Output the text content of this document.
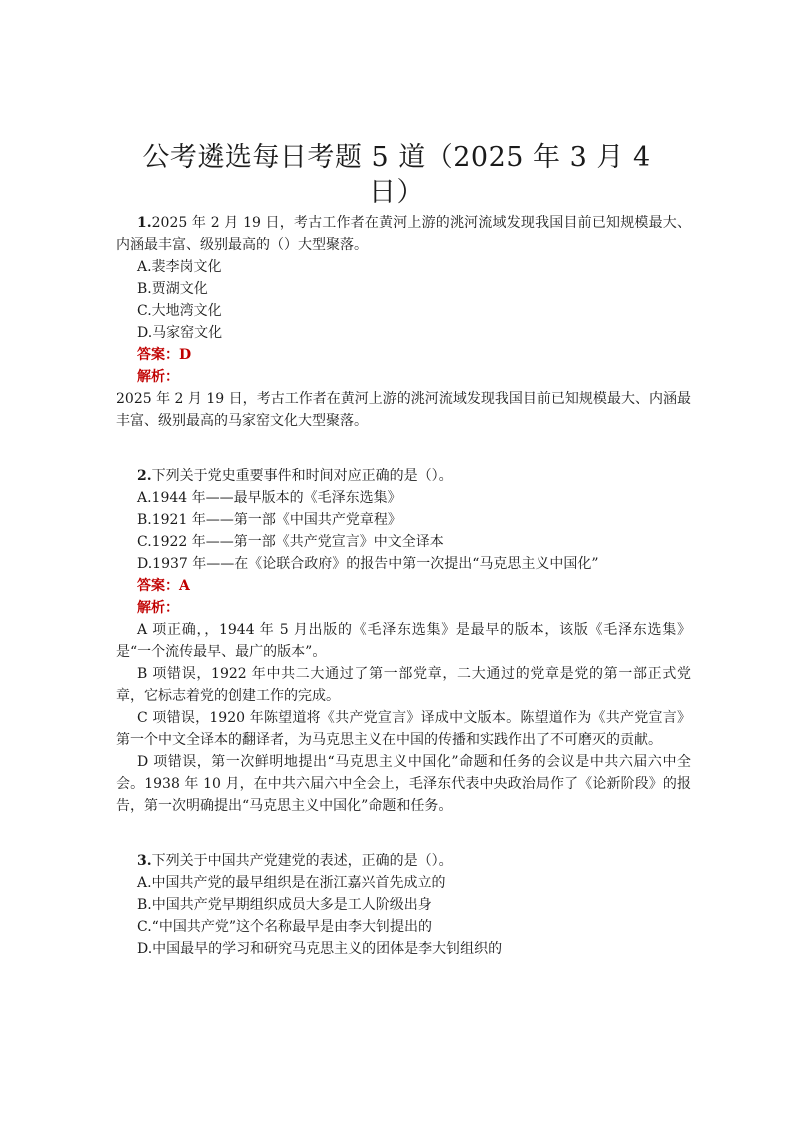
公考遴选每日考题 5 道（2025 年 3 月 4 日）

1.2025 年 2 月 19 日，考古工作者在黄河上游的洮河流域发现我国目前已知规模最大、内涵最丰富、级别最高的（）大型聚落。

A.裴李岗文化

B.贾湖文化

C.大地湾文化

D.马家窑文化

答案：D

解析：

2025 年 2 月 19 日，考古工作者在黄河上游的洮河流域发现我国目前已知规模最大、内涵最丰富、级别最高的马家窑文化大型聚落。

2.下列关于党史重要事件和时间对应正确的是（）。

A.1944 年——最早版本的《毛泽东选集》

B.1921 年——第一部《中国共产党章程》

C.1922 年——第一部《共产党宣言》中文全译本

D.1937 年——在《论联合政府》的报告中第一次提出“马克思主义中国化”

答案：A

解析：

A 项正确，，1944 年 5 月出版的《毛泽东选集》是最早的版本，该版《毛泽东选集》是“一个流传最早、最广的版本”。

B 项错误，1922 年中共二大通过了第一部党章，二大通过的党章是党的第一部正式党章，它标志着党的创建工作的完成。

C 项错误，1920 年陈望道将《共产党宣言》译成中文版本。陈望道作为《共产党宣言》第一个中文全译本的翻译者，为马克思主义在中国的传播和实践作出了不可磨灭的贡献。

D 项错误，第一次鲜明地提出“马克思主义中国化”命题和任务的会议是中共六届六中全会。1938 年 10 月，在中共六届六中全会上，毛泽东代表中央政治局作了《论新阶段》的报告，第一次明确提出“马克思主义中国化”命题和任务。

3.下列关于中国共产党建党的表述，正确的是（）。

A.中国共产党的最早组织是在浙江嘉兴首先成立的

B.中国共产党早期组织成员大多是工人阶级出身

C.“中国共产党”这个名称最早是由李大钊提出的

D.中国最早的学习和研究马克思主义的团体是李大钊组织的
